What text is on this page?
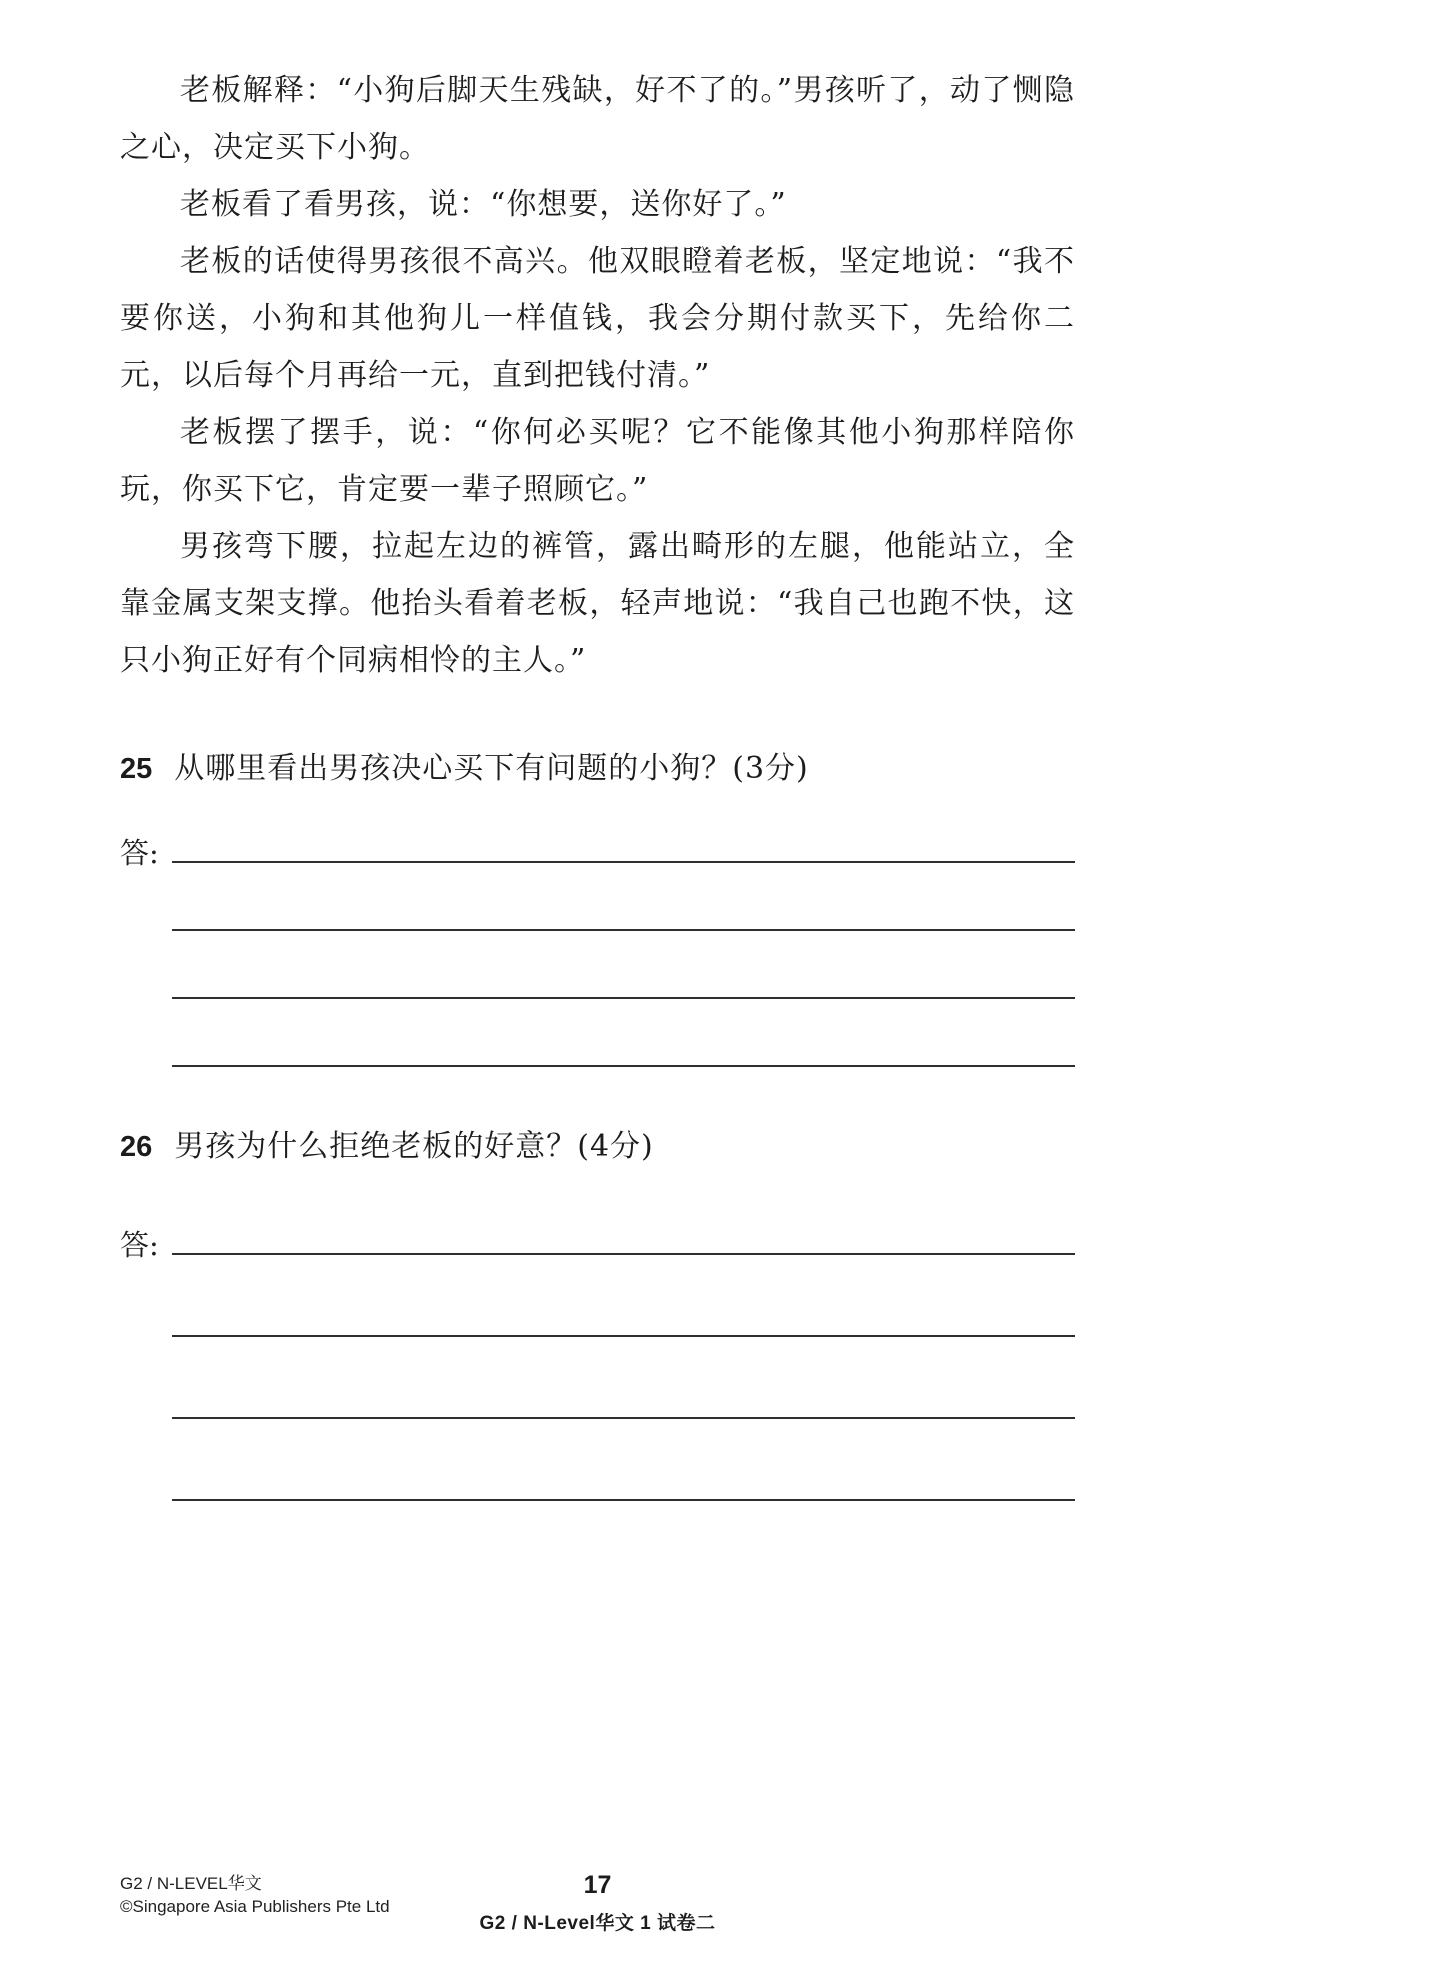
老板解释：“小狗后脚天生残缺，好不了的。”男孩听了，动了恻隐之心，决定买下小狗。

老板看了看男孩，说：“你想要，送你好了。”

老板的话使得男孩很不高兴。他双眼瞪着老板，坚定地说：“我不要你送，小狗和其他狗儿一样值钱，我会分期付款买下，先给你二元，以后每个月再给一元，直到把钱付清。”

老板摆了摆手，说：“你何必买呢？它不能像其他小狗那样陪你玩，你买下它，肯定要一辈子照顾它。”

男孩弯下腰，拉起左边的裤管，露出畸形的左腿，他能站立，全靠金属支架支撑。他抬头看着老板，轻声地说：“我自己也跑不快，这只小狗正好有个同病相怜的主人。”

25 从哪里看出男孩决心买下有问题的小狗？(3分)
答:
26 男孩为什么拒绝老板的好意？(4分)
答:
G2 / N-LEVEL华文
©Singapore Asia Publishers Pte Ltd
17
G2 / N-Level华文 1 试卷二
